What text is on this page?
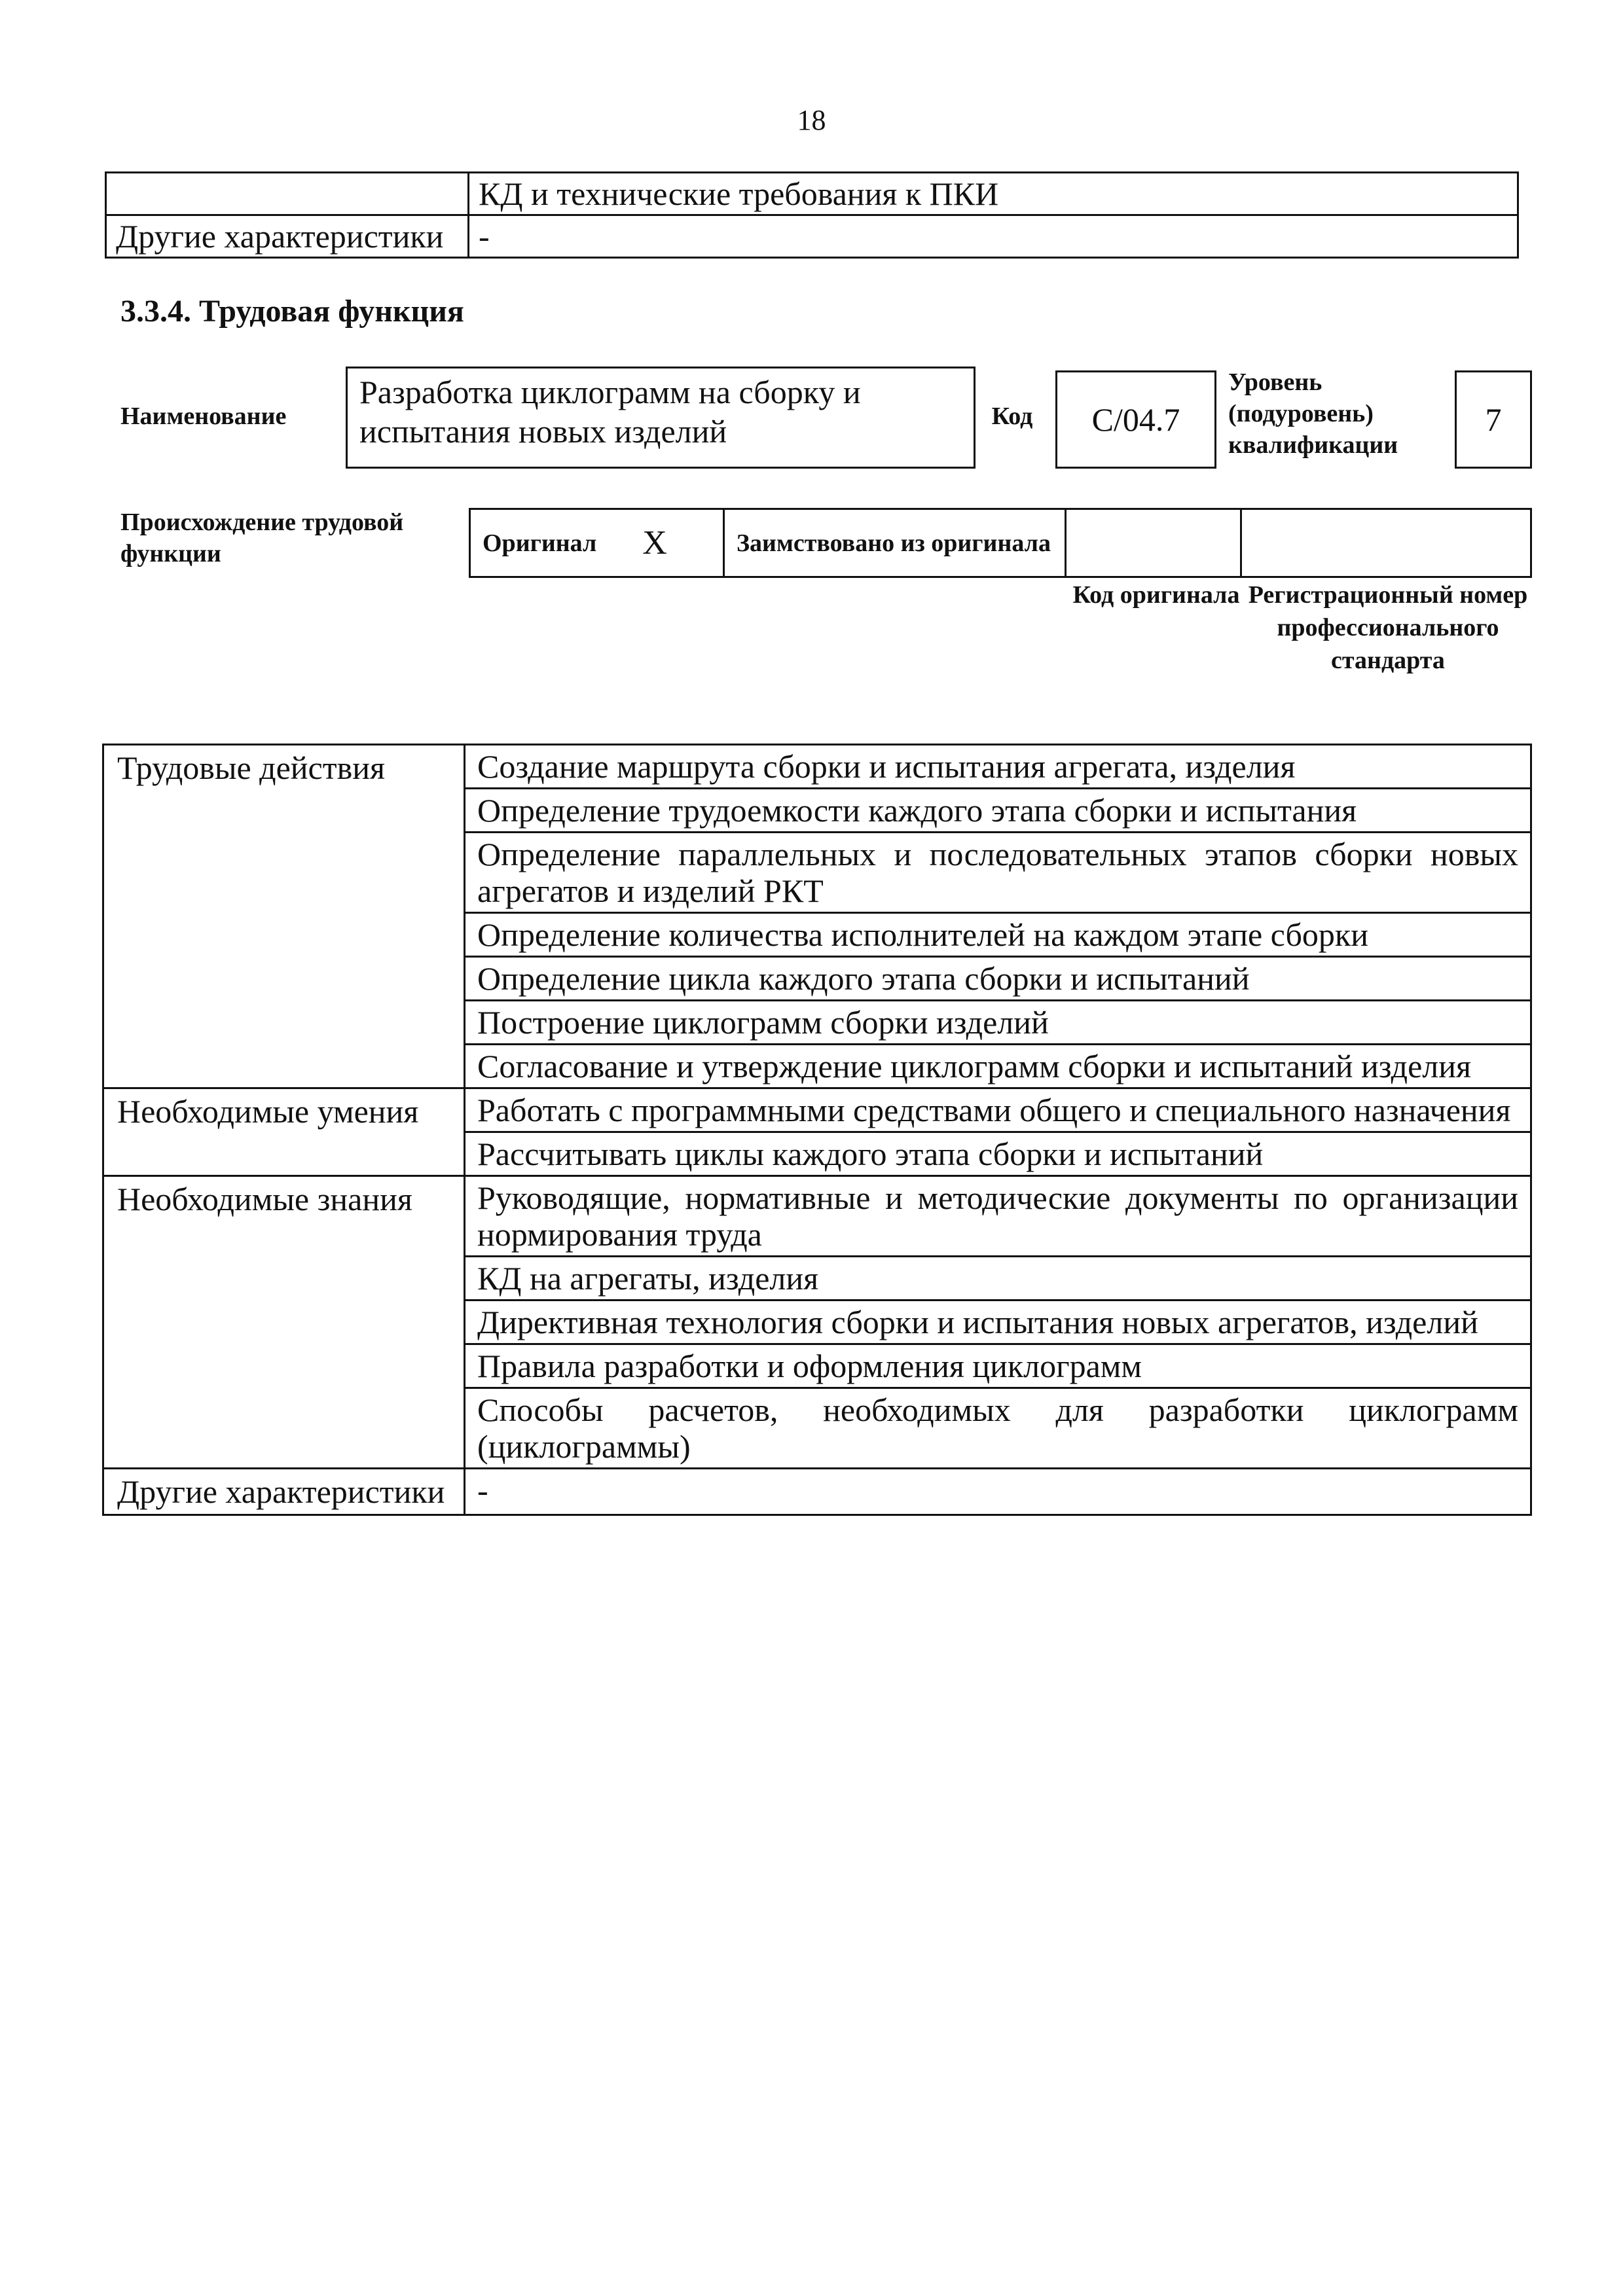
18
	КД и технические требования к ПКИ
Другие характеристики	-
3.3.4. Трудовая функция
Наименование
Разработка циклограмм на сборку и испытания новых изделий	Код	C/04.7
Уровень (подуровень) квалификации
7
Происхождение трудовой функции	Оригинал X	Заимствовано из оригинала		
Код оригинала Регистрационный номер профессионального стандарта
Трудовые действия	Создание маршрута сборки и испытания агрегата, изделия
	Определение трудоемкости каждого этапа сборки и испытания
	Определение параллельных и последовательных этапов сборки новых агрегатов и изделий РКТ
	Определение количества исполнителей на каждом этапе сборки
	Определение цикла каждого этапа сборки и испытаний
	Построение циклограмм сборки изделий
	Согласование и утверждение циклограмм сборки и испытаний изделия
Необходимые умения	Работать с программными средствами общего и специального назначения
	Рассчитывать циклы каждого этапа сборки и испытаний
Необходимые знания	Руководящие, нормативные и методические документы по организации нормирования труда
	КД на агрегаты, изделия
	Директивная технология сборки и испытания новых агрегатов, изделий
	Правила разработки и оформления циклограмм
	Способы расчетов, необходимых для разработки циклограмм (циклограммы)
Другие характеристики	-
